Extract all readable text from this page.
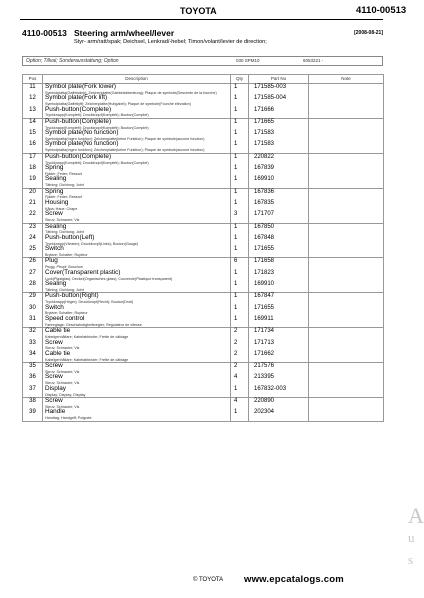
TOYOTA	4110-00513
4110-00513 Steering arm/wheel/lever	[2008-08-21]
Styr- arm/ratt/spak; Deichsel, Lenkrad/-hebel; Timon/volant/levier de direction;
Option; Tillval; Sonderausstattung; Option	030 SPM10	6053221 -
Pos	Description	Qty	Part No	Note
11	Symbol plate(Fork lower)
Symbolplatta(Gaffelsänk); Zeichenplatte(Gabbelabsenkung); Plaque de symbole(Descente de la fourche)	1	171585-003	
12	Symbol plate(Fork lift)
Symbolplatta(Gaffellyft); Zeichenplatte(Hubgabel); Plaque de symbole(Fourche élévation)	1	171585-004	
13	Push-button(Complete)
Tryckknapp(Komplett); Druckknopf(Komplett); Bouton(Complet)	1	171666	
14	Push-button(Complete)
Tryckknapp(Komplett); Druckknopf(Komplett); Bouton(Complet)	1	171665	
15	Symbol plate(No function)
Symbolplatta(Ingen funktion); Zeichenplatte(keine Funktion); Plaque de symbole(aucune fonction)	1	171583	
16	Symbol plate(No function)
Symbolplatta(Ingen funktion); Zeichenplatte(keine Funktion); Plaque de symbole(aucune fonction)	1	171583	
17	Push-button(Complete)
Tryckknapp(Komplett); Druckknopf(Komplett); Bouton(Complet)	1	220822	
18	Spring
Fjäder; Feder; Ressort	1	167839	
19	Sealing
Tätning; Dichtung; Joint	1	169910	
20	Spring
Fjäder; Feder; Ressort	1	167836	
21	Housing
Kåpa; Haue; Chape	1	167835	
22	Screw
Skruv; Schraube; Vis	3	171707	
23	Sealing
Tätning; Dichtung; Joint	1	167850	
24	Push-button(Left)
Tryckknapp(Vänster); Druckknopf(Links); Bouton(Gauge)	1	167848	
25	Switch
Brytare; Schalter; Rupteur	1	171655	
26	Plug
Plugg; Pfropf; Bouchon	6	171658	
27	Cover(Transparent plastic)
Lock(Plastglas); Deckel(Organisches glass); Couvercle(Plastique transparent)	1	171823	
28	Sealing
Tätning; Dichtung; Joint	1	169910	
29	Push-button(Right)
Tryckknapp(Höger); Druckknopf(Recht); Bouton(Droit)	1	167847	
30	Switch
Brytare; Schalter; Rupteur	1	171655	
31	Speed control
Fartreglage; Geschwindigkeitsregler; Regulateur de vitesse	1	169911	
32	Cable tie
Kabelgenhållare; Kabelabbinder; Frette de câblage	2	171734	
33	Screw
Skruv; Schraube; Vis	2	171713	
34	Cable tie
Kabelgenhållare; Kabelabbinder; Frette de câblage	2	171662	
35	Screw
Skruv; Schraube; Vis	2	217576	
36	Screw
Skruv; Schraube; Vis	4	213395	
37	Display
Display; Display; Display	1	167832-003	
38	Screw
Skruv; Schraube; Vis	4	220890	
39	Handle
Handtag; Handgriff; Poignée.	1	202304	
© TOYOTA www.epcatalogs.com
A
u
s
